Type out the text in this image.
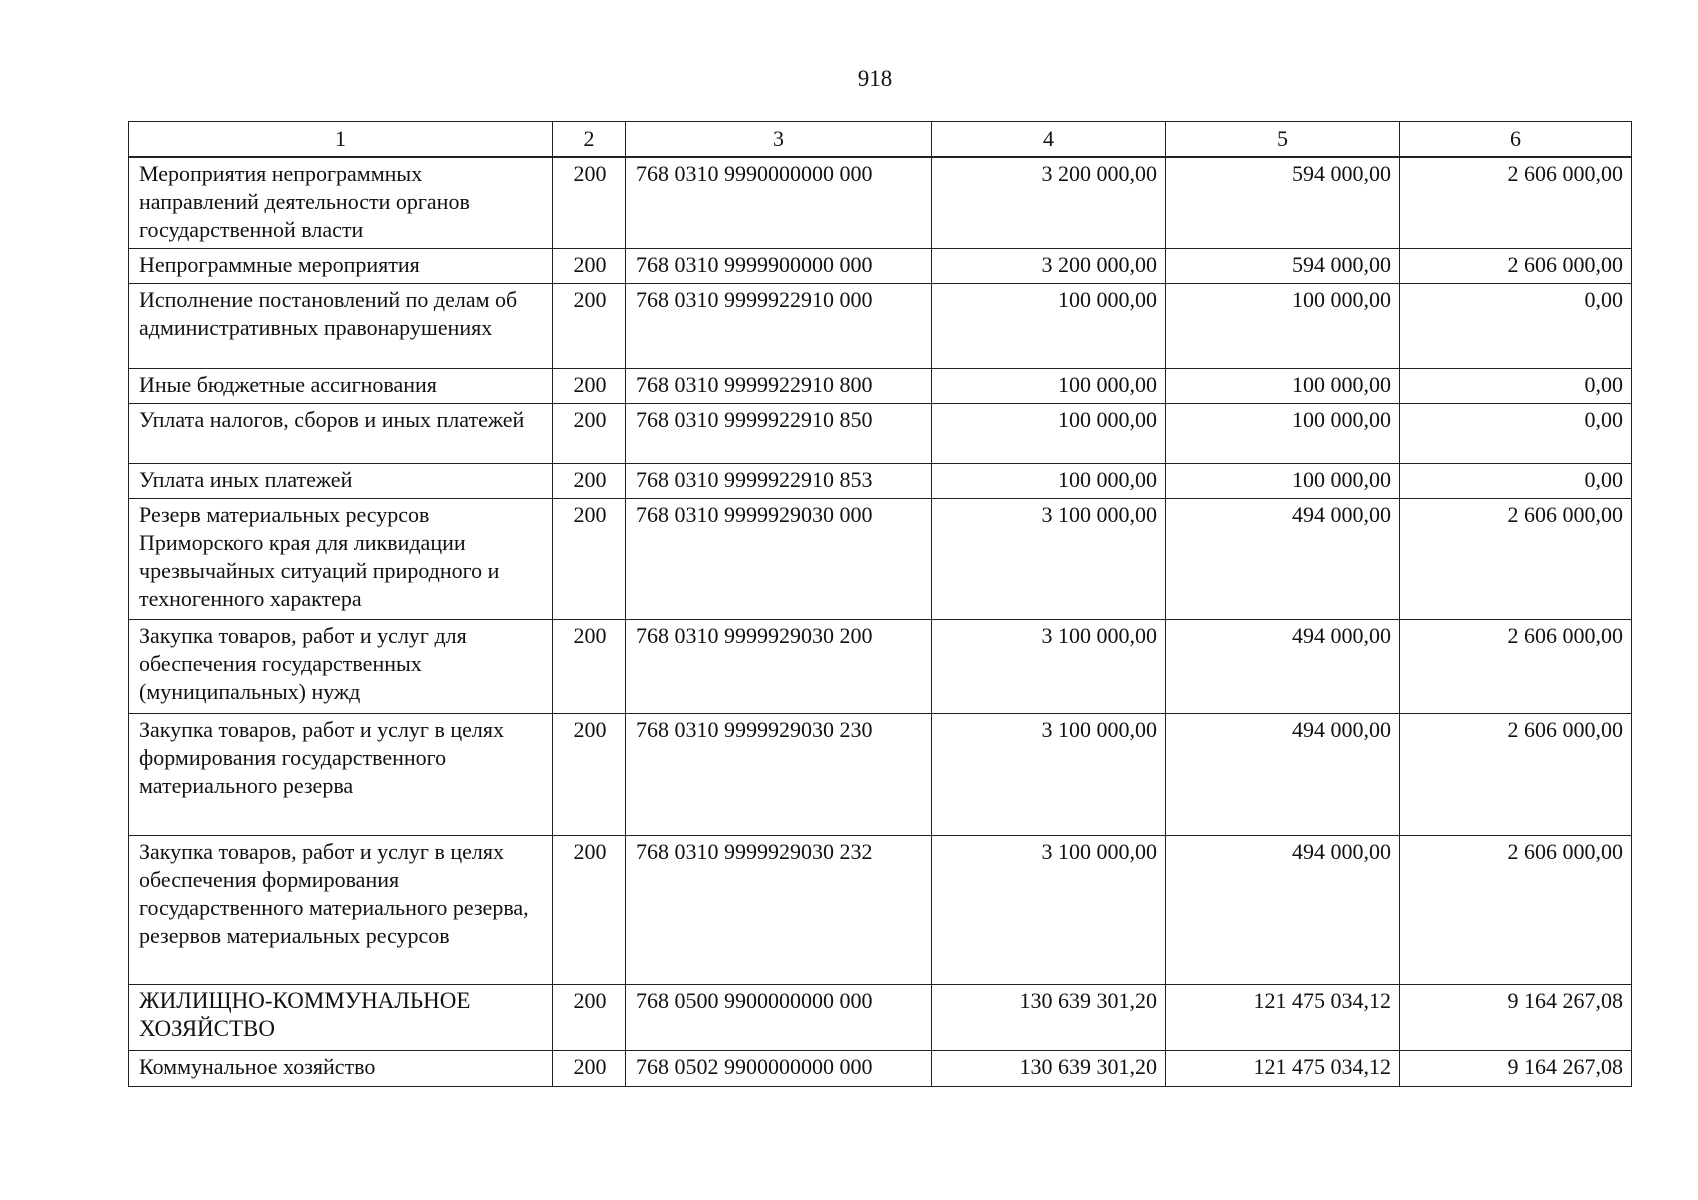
918
1	2	3	4	5	6
Мероприятия непрограммных направлений деятельности органов государственной власти	200	768 0310 9990000000 000	3 200 000,00	594 000,00	2 606 000,00
Непрограммные мероприятия	200	768 0310 9999900000 000	3 200 000,00	594 000,00	2 606 000,00
Исполнение постановлений по делам об административных правонарушениях	200	768 0310 9999922910 000	100 000,00	100 000,00	0,00
Иные бюджетные ассигнования	200	768 0310 9999922910 800	100 000,00	100 000,00	0,00
Уплата налогов, сборов и иных платежей	200	768 0310 9999922910 850	100 000,00	100 000,00	0,00
Уплата иных платежей	200	768 0310 9999922910 853	100 000,00	100 000,00	0,00
Резерв материальных ресурсов Приморского края для ликвидации чрезвычайных ситуаций природного и техногенного характера	200	768 0310 9999929030 000	3 100 000,00	494 000,00	2 606 000,00
Закупка товаров, работ и услуг для обеспечения государственных (муниципальных) нужд	200	768 0310 9999929030 200	3 100 000,00	494 000,00	2 606 000,00
Закупка товаров, работ и услуг в целях формирования государственного материального резерва	200	768 0310 9999929030 230	3 100 000,00	494 000,00	2 606 000,00
Закупка товаров, работ и услуг в целях обеспечения формирования государственного материального резерва, резервов материальных ресурсов	200	768 0310 9999929030 232	3 100 000,00	494 000,00	2 606 000,00
ЖИЛИЩНО-КОММУНАЛЬНОЕ ХОЗЯЙСТВО	200	768 0500 9900000000 000	130 639 301,20	121 475 034,12	9 164 267,08
Коммунальное хозяйство	200	768 0502 9900000000 000	130 639 301,20	121 475 034,12	9 164 267,08
